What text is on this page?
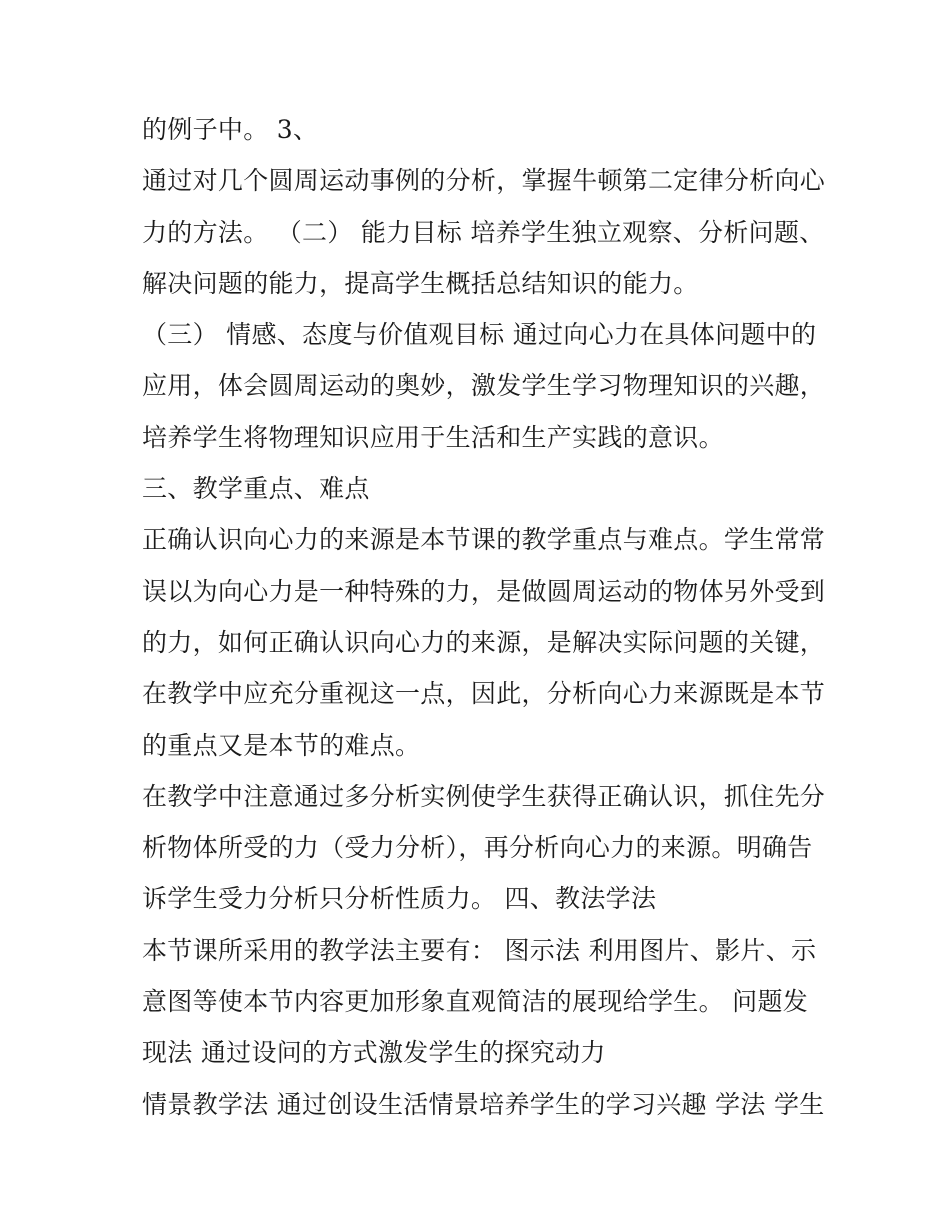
的例子中。 3、
通过对几个圆周运动事例的分析，掌握牛顿第二定律分析向心
力的方法。 （二） 能力目标 培养学生独立观察、分析问题、
解决问题的能力，提高学生概括总结知识的能力。
（三） 情感、态度与价值观目标 通过向心力在具体问题中的
应用，体会圆周运动的奥妙，激发学生学习物理知识的兴趣，
培养学生将物理知识应用于生活和生产实践的意识。
三、教学重点、难点
正确认识向心力的来源是本节课的教学重点与难点。学生常常
误以为向心力是一种特殊的力，是做圆周运动的物体另外受到
的力，如何正确认识向心力的来源，是解决实际问题的关键，
在教学中应充分重视这一点，因此，分析向心力来源既是本节
的重点又是本节的难点。
在教学中注意通过多分析实例使学生获得正确认识，抓住先分
析物体所受的力（受力分析），再分析向心力的来源。明确告
诉学生受力分析只分析性质力。 四、教法学法
本节课所采用的教学法主要有： 图示法 利用图片、影片、示
意图等使本节内容更加形象直观简洁的展现给学生。 问题发
现法 通过设问的方式激发学生的探究动力
情景教学法 通过创设生活情景培养学生的学习兴趣 学法 学生
